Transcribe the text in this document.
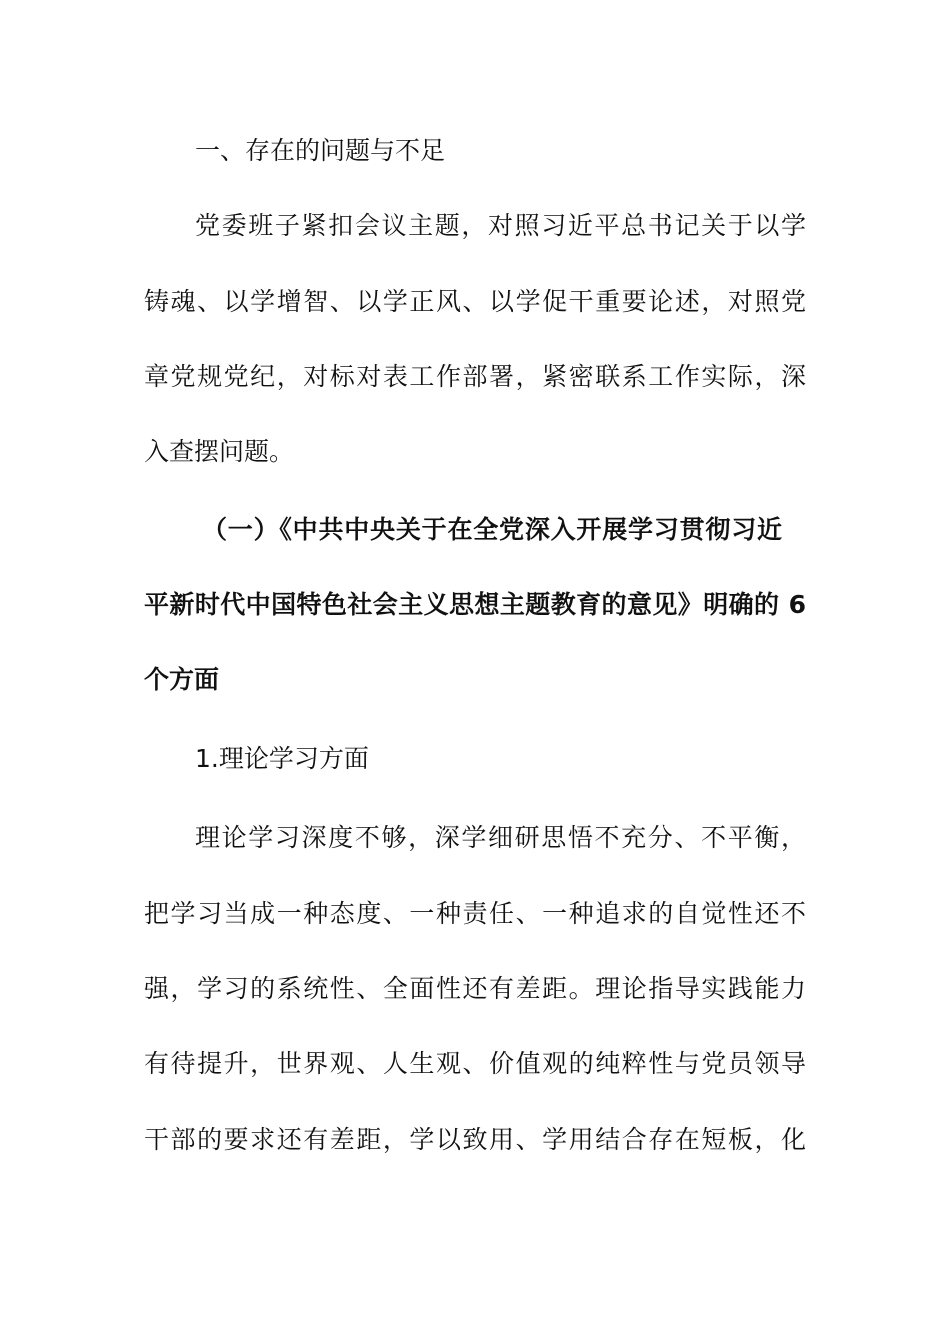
一、存在的问题与不足
党委班子紧扣会议主题，对照习近平总书记关于以学
铸魂、以学增智、以学正风、以学促干重要论述，对照党
章党规党纪，对标对表工作部署，紧密联系工作实际，深
入查摆问题。
（一）《中共中央关于在全党深入开展学习贯彻习近
平新时代中国特色社会主义思想主题教育的意见》明确的 6
个方面
1.理论学习方面
理论学习深度不够，深学细研思悟不充分、不平衡，
把学习当成一种态度、一种责任、一种追求的自觉性还不
强，学习的系统性、全面性还有差距。理论指导实践能力
有待提升，世界观、人生观、价值观的纯粹性与党员领导
干部的要求还有差距，学以致用、学用结合存在短板，化
